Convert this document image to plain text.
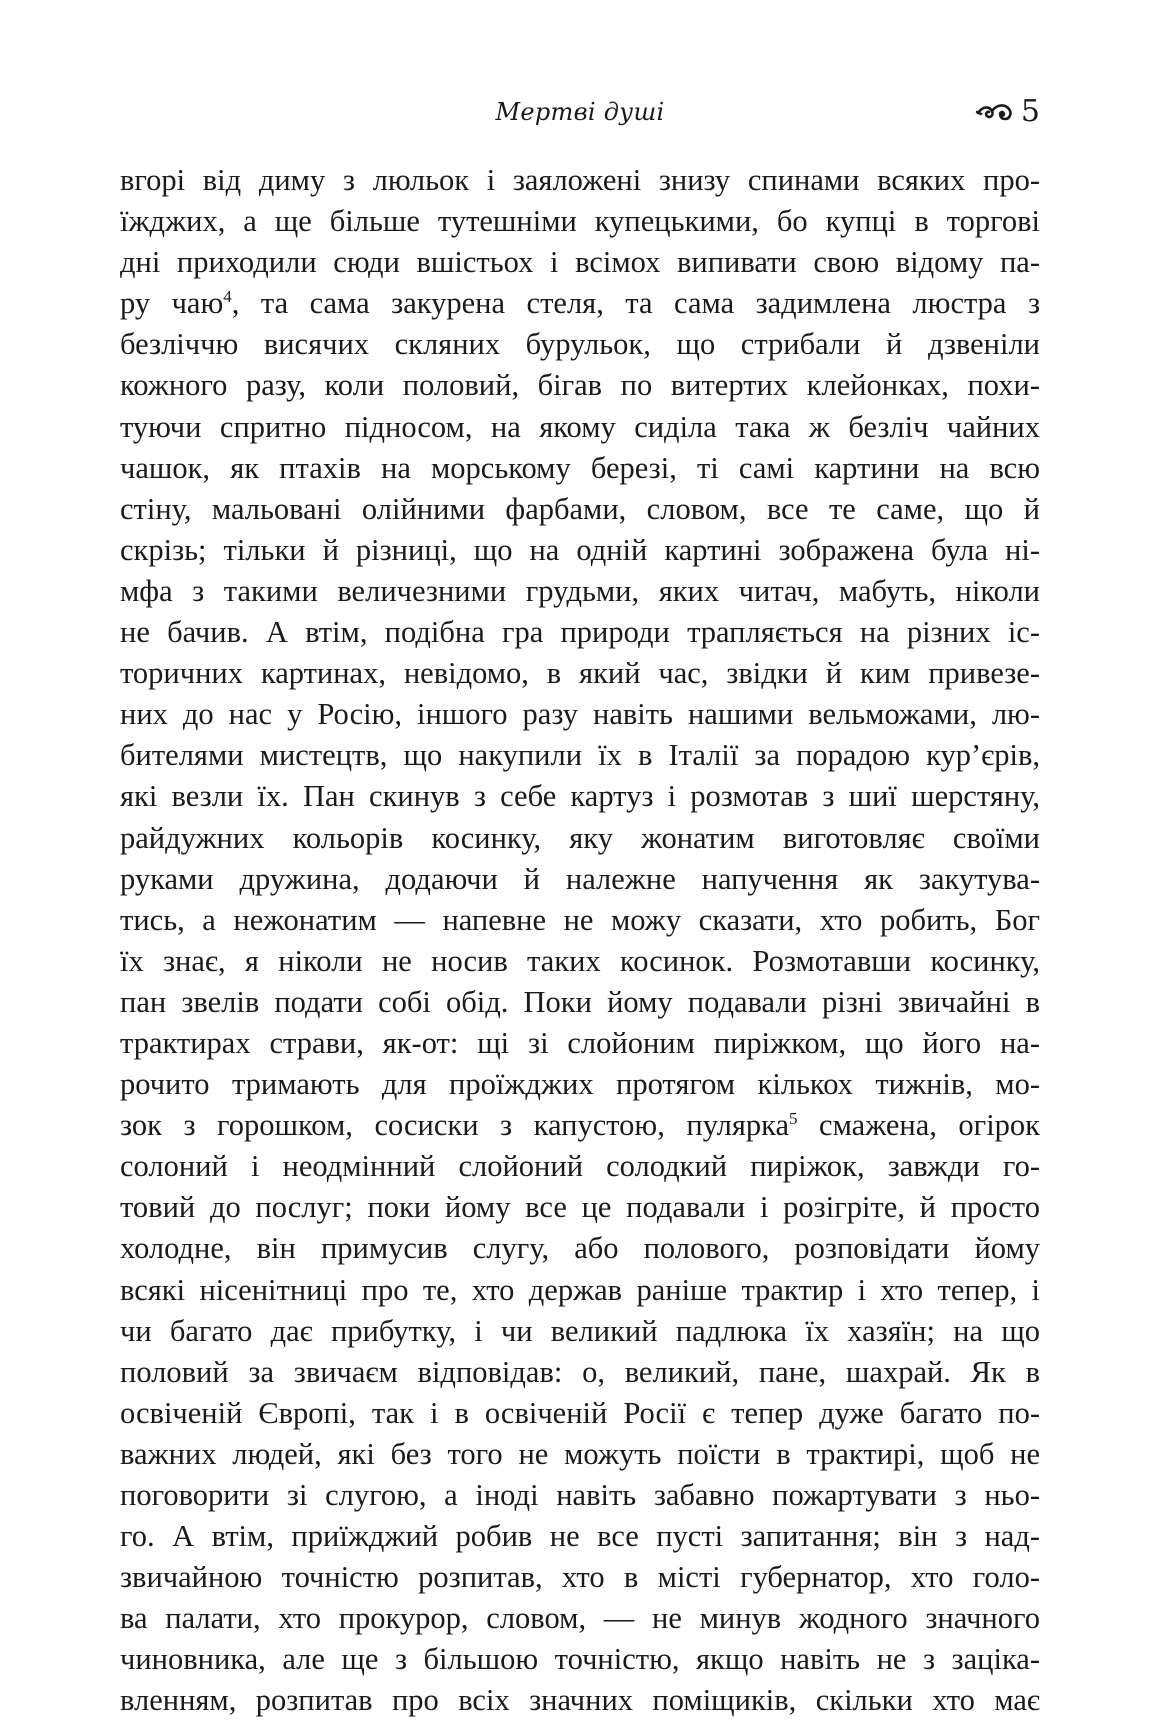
Мертві душі	5
вгорі від диму з люльок і заяложені знизу спинами всяких про-
їжджих, а ще більше тутешніми купецькими, бо купці в торгові
дні приходили сюди вшістьох і всімох випивати свою відому па-
ру чаю$^4$, та сама закурена стеля, та сама задимлена люстра з
безліччю висячих скляних бурульок, що стрибали й дзвеніли
кожного разу, коли половий, бігав по витертих клейонках, похи-
туючи спритно підносом, на якому сиділа така ж безліч чайних
чашок, як птахів на морському березі, ті самі картини на всю
стіну, мальовані олійними фарбами, словом, все те саме, що й
скрізь; тільки й різниці, що на одній картині зображена була ні-
мфа з такими величезними грудьми, яких читач, мабуть, ніколи
не бачив. А втім, подібна гра природи трапляється на різних іс-
торичних картинах, невідомо, в який час, звідки й ким привезе-
них до нас у Росію, іншого разу навіть нашими вельможами, лю-
бителями мистецтв, що накупили їх в Італії за порадою кур’єрів,
які везли їх. Пан скинув з себе картуз і розмотав з шиї шерстяну,
райдужних кольорів косинку, яку жонатим виготовляє своїми
руками дружина, додаючи й належне напучення як закутува-
тись, а нежонатим — напевне не можу сказати, хто робить, Бог
їх знає, я ніколи не носив таких косинок. Розмотавши косинку,
пан звелів подати собі обід. Поки йому подавали різні звичайні в
трактирах страви, як-от: щі зі слойоним пиріжком, що його на-
рочито тримають для проїжджих протягом кількох тижнів, мо-
зок з горошком, сосиски з капустою, пулярка$^5$ смажена, огірок
солоний і неодмінний слойоний солодкий пиріжок, завжди го-
товий до послуг; поки йому все це подавали і розігріте, й просто
холодне, він примусив слугу, або полового, розповідати йому
всякі нісенітниці про те, хто держав раніше трактир і хто тепер, і
чи багато дає прибутку, і чи великий падлюка їх хазяїн; на що
половий за звичаєм відповідав: о, великий, пане, шахрай. Як в
освіченій Європі, так і в освіченій Росії є тепер дуже багато по-
важних людей, які без того не можуть поїсти в трактирі, щоб не
поговорити зі слугою, а іноді навіть забавно пожартувати з ньо-
го. А втім, приїжджий робив не все пусті запитання; він з над-
звичайною точністю розпитав, хто в місті губернатор, хто голо-
ва палати, хто прокурор, словом, — не минув жодного значного
чиновника, але ще з більшою точністю, якщо навіть не з заціка-
вленням, розпитав про всіх значних поміщиків, скільки хто має
